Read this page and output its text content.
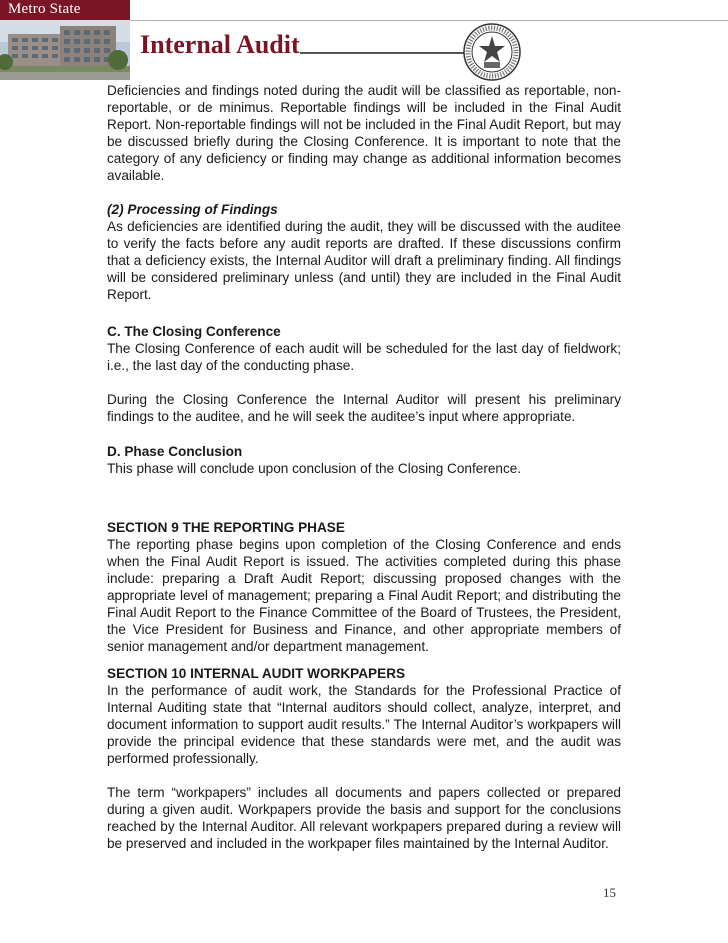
Metro State
Internal Audit

Deficiencies and findings noted during the audit will be classified as reportable, non-reportable, or de minimus. Reportable findings will be included in the Final Audit Report. Non-reportable findings will not be included in the Final Audit Report, but may be discussed briefly during the Closing Conference. It is important to note that the category of any deficiency or finding may change as additional information becomes available.

(2) Processing of Findings

As deficiencies are identified during the audit, they will be discussed with the auditee to verify the facts before any audit reports are drafted. If these discussions confirm that a deficiency exists, the Internal Auditor will draft a preliminary finding. All findings will be considered preliminary unless (and until) they are included in the Final Audit Report.

C. The Closing Conference

The Closing Conference of each audit will be scheduled for the last day of fieldwork; i.e., the last day of the conducting phase.

During the Closing Conference the Internal Auditor will present his preliminary findings to the auditee, and he will seek the auditee’s input where appropriate.

D. Phase Conclusion

This phase will conclude upon conclusion of the Closing Conference.

SECTION 9 THE REPORTING PHASE

The reporting phase begins upon completion of the Closing Conference and ends when the Final Audit Report is issued. The activities completed during this phase include: preparing a Draft Audit Report; discussing proposed changes with the appropriate level of management; preparing a Final Audit Report; and distributing the Final Audit Report to the Finance Committee of the Board of Trustees, the President, the Vice President for Business and Finance, and other appropriate members of senior management and/or department management.

SECTION 10 INTERNAL AUDIT WORKPAPERS

In the performance of audit work, the Standards for the Professional Practice of Internal Auditing state that “Internal auditors should collect, analyze, interpret, and document information to support audit results.” The Internal Auditor’s workpapers will provide the principal evidence that these standards were met, and the audit was performed professionally.

The term “workpapers” includes all documents and papers collected or prepared during a given audit. Workpapers provide the basis and support for the conclusions reached by the Internal Auditor. All relevant workpapers prepared during a review will be preserved and included in the workpaper files maintained by the Internal Auditor.

15
